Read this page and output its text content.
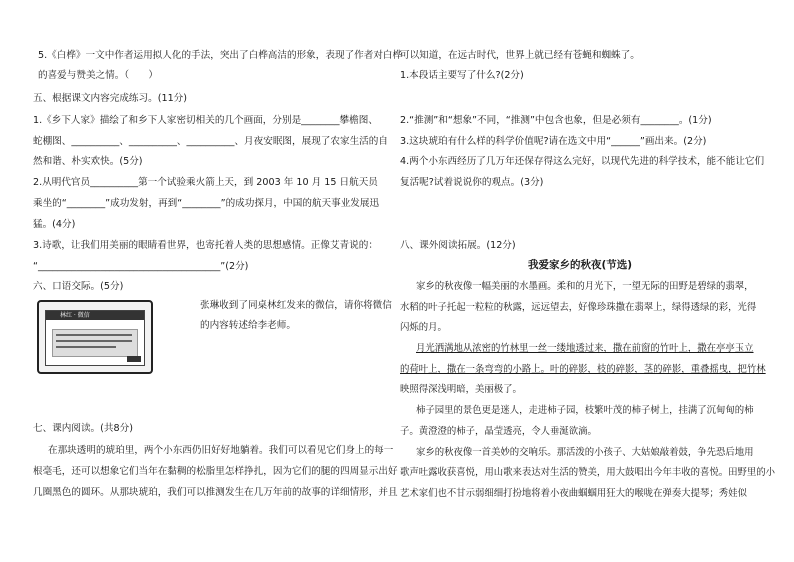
5.《白桦》一文中作者运用拟人化的手法，突出了白桦高洁的形象，表现了作者对白桦
的喜爱与赞美之情。（　　）
五、根据课文内容完成练习。(11分)
1.《乡下人家》描绘了和乡下人家密切相关的几个画面，分别是________攀檐图、
蛇棚图、__________、__________、__________、月夜安眠图，展现了农家生活的自
然和谐、朴实欢快。(5分)
2.从明代官员__________第一个试验乘火箭上天，到 2003 年 10 月 15 日航天员
乘坐的“________”成功发射，再到“________”的成功探月，中国的航天事业发展迅
猛。(4分)
3.诗歌，让我们用美丽的眼睛看世界，也寄托着人类的思想感情。正像艾青说的：
“______________________________________”(2分)
六、口语交际。(5分)
林红 · 微信
张琳收到了同桌林红发来的微信，请你将微信
的内容转述给李老师。
七、课内阅读。(共8分)
在那块透明的琥珀里，两个小东西仍旧好好地躺着。我们可以看见它们身上的每一
根毫毛，还可以想象它们当年在黏稠的松脂里怎样挣扎，因为它们的腿的四周显示出好
几圈黑色的圆环。从那块琥珀，我们可以推测发生在几万年前的故事的详细情形，并且
可以知道，在远古时代，世界上就已经有苍蝇和蜘蛛了。
1.本段话主要写了什么?(2分)
2.“推测”和“想象”不同，“推测”中包含也象，但是必须有________。(1分)
3.这块琥珀有什么样的科学价值呢?请在选文中用“______”画出来。(2分)
4.两个小东西经历了几万年还保存得这么完好，以现代先进的科学技术，能不能让它们
复活呢?试着说说你的观点。(3分)
八、课外阅读拓展。(12分)
我爱家乡的秋夜(节选)
家乡的秋夜像一幅美丽的水墨画。柔和的月光下，一望无际的田野是碧绿的翡翠，
水稻的叶子托起一粒粒的秋露，远远望去，好像珍珠撒在翡翠上，绿得透绿的彩，光得
闪烁的月。
月光洒满地从浓密的竹林里一丝一缕地透过来，撒在前窗的竹叶上，撒在亭亭玉立
的荷叶上，撒在一条弯弯的小路上。叶的碎影，枝的碎影，茎的碎影，重叠摇曳，把竹林
映照得深浅明暗，美丽极了。
柿子园里的景色更是迷人，走进柿子园，枝繁叶茂的柿子树上，挂满了沉甸甸的柿
子。黄澄澄的柿子，晶莹透亮，令人垂涎欲滴。
家乡的秋夜像一首美妙的交响乐。那活泼的小孩子、大姑娘敲着鼓，争先恐后地用
歌声吐露收获喜悦，用山歌来表达对生活的赞美，用大鼓唱出今年丰收的喜悦。田野里的小
艺术家们也不甘示弱细细打扮地将着小夜曲蝈蝈用狂大的喉咙在弹奏大提琴；秀娃似
